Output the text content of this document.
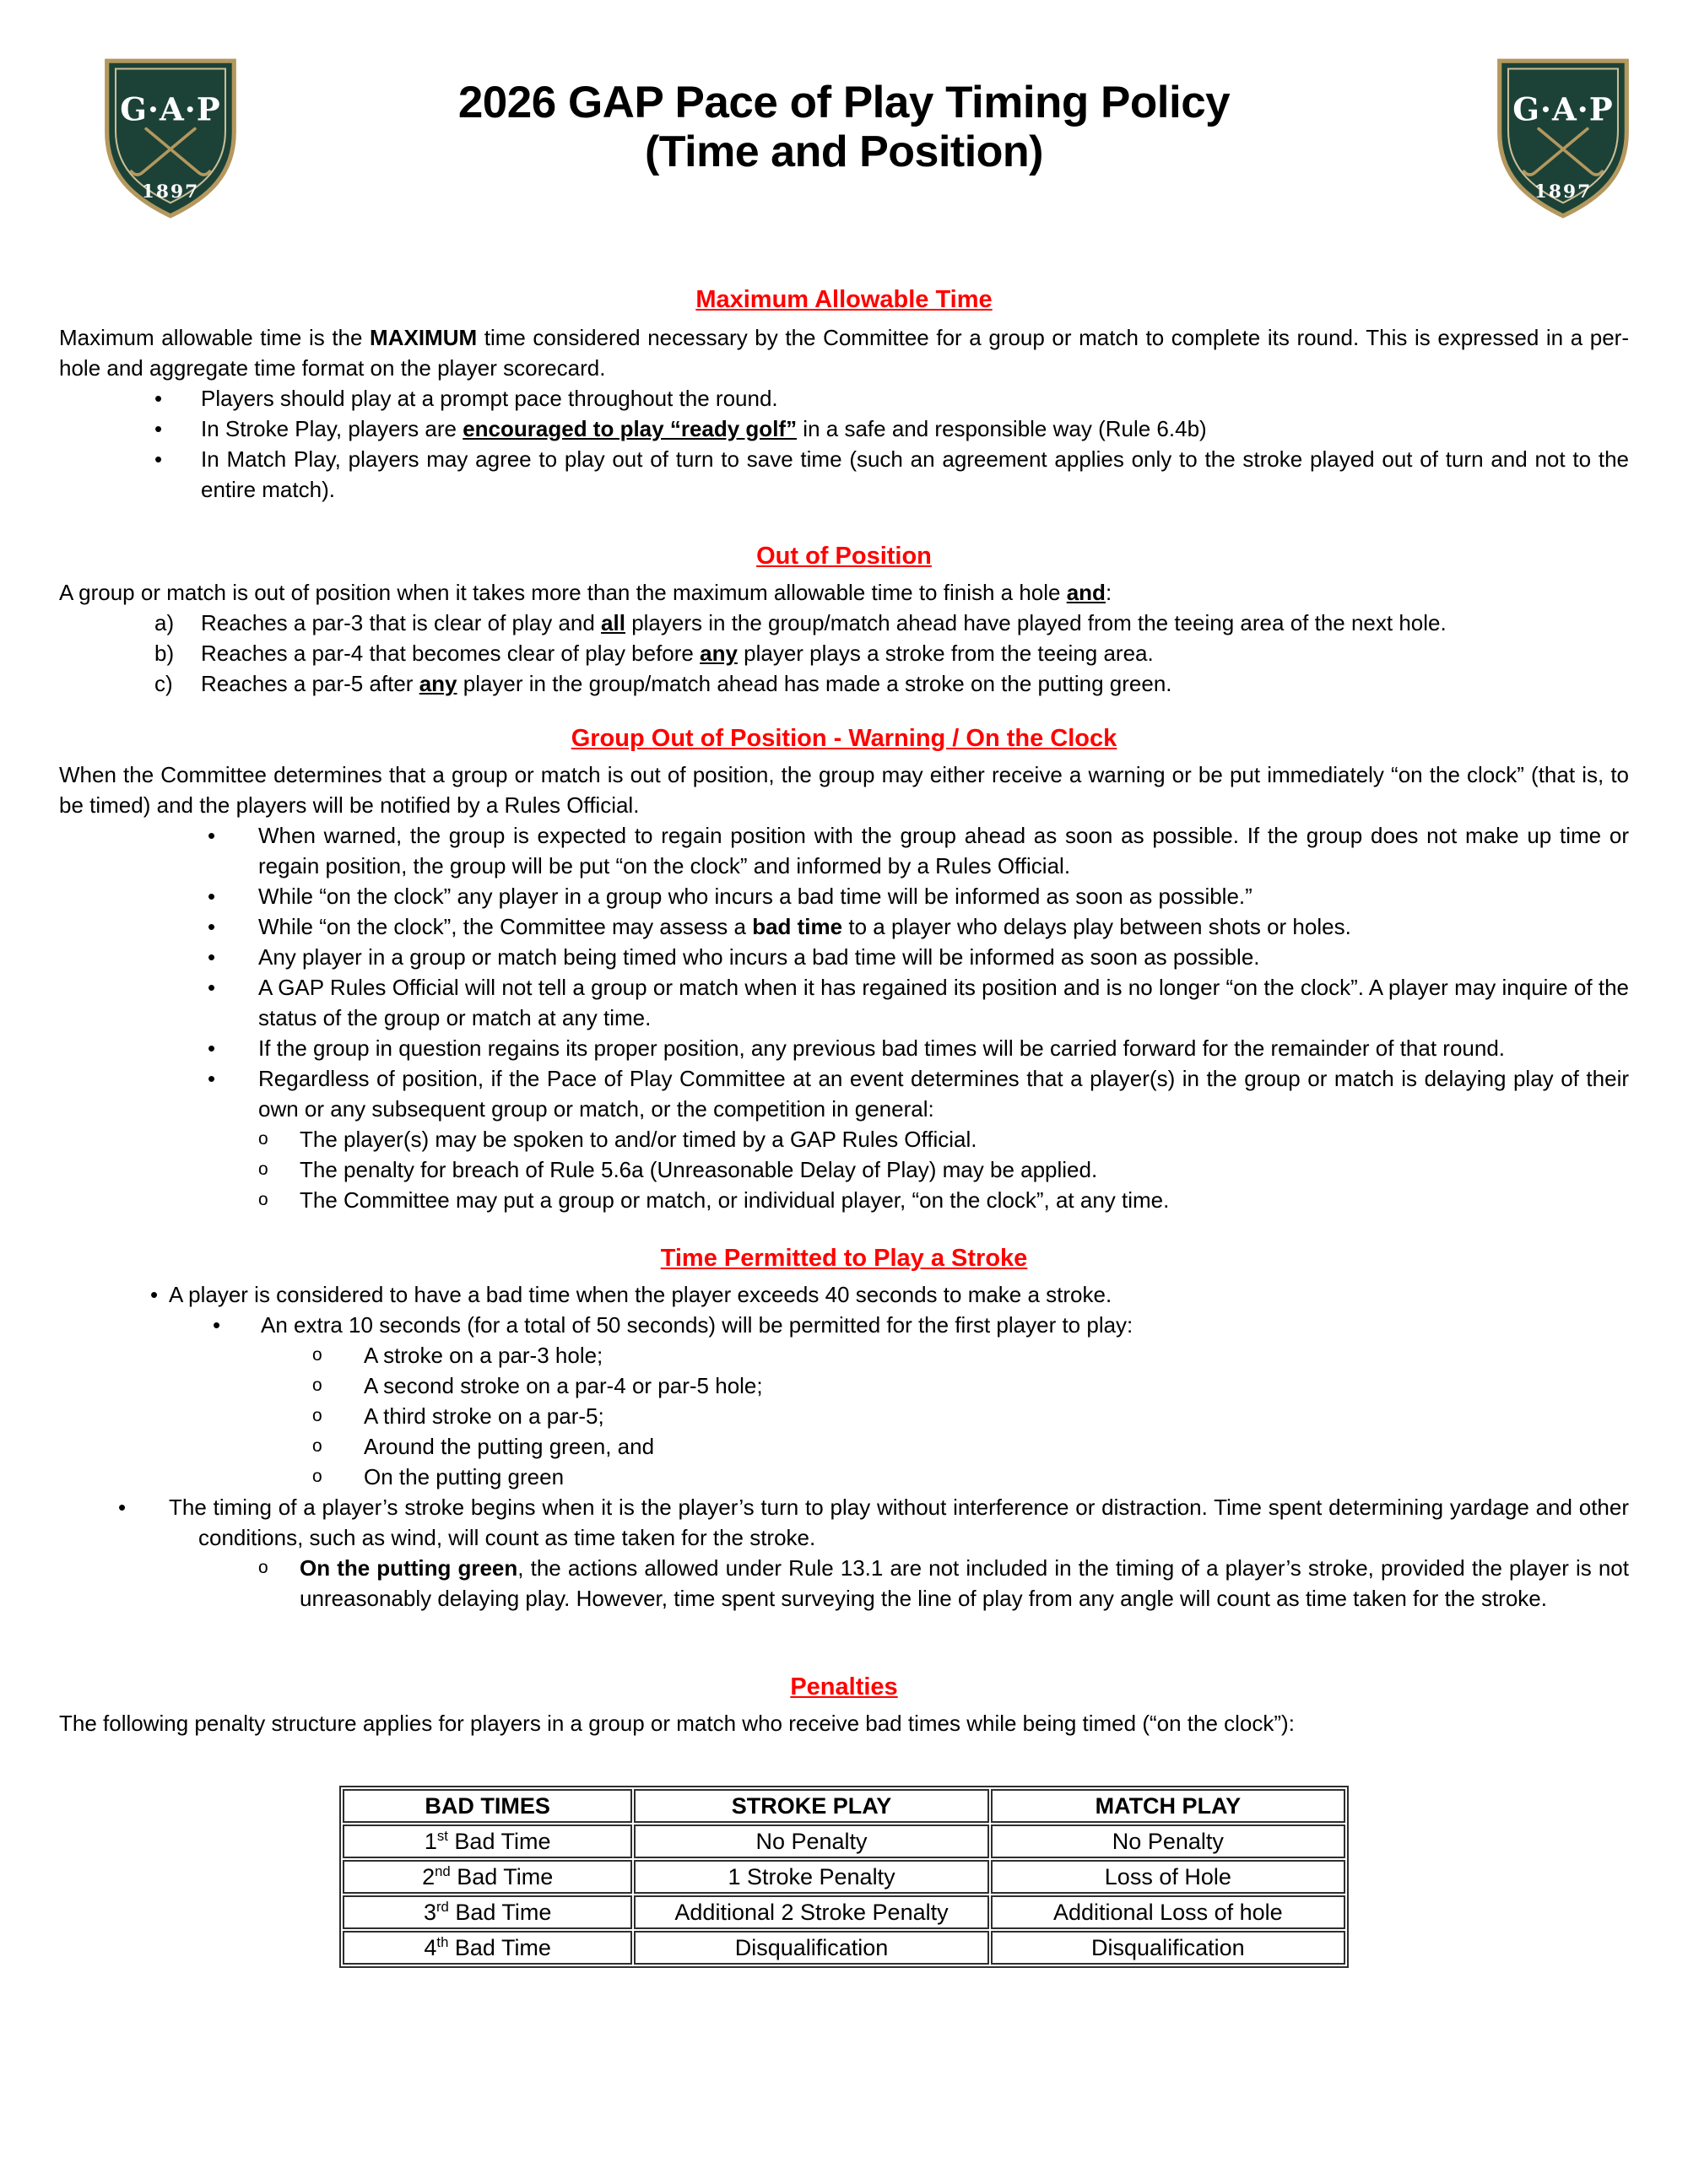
G·A·P
1897
G·A·P
1897
2026 GAP Pace of Play Timing Policy
(Time and Position)
Maximum Allowable Time

Maximum allowable time is the MAXIMUM time considered necessary by the Committee for a group or match to complete its round. This is expressed in a per-hole and aggregate time format on the player scorecard.

• Players should play at a prompt pace throughout the round.
• In Stroke Play, players are encouraged to play “ready golf” in a safe and responsible way (Rule 6.4b)
• In Match Play, players may agree to play out of turn to save time (such an agreement applies only to the stroke played out of turn and not to the entire match).
Out of Position

A group or match is out of position when it takes more than the maximum allowable time to finish a hole and:

a) Reaches a par-3 that is clear of play and all players in the group/match ahead have played from the teeing area of the next hole.
b) Reaches a par-4 that becomes clear of play before any player plays a stroke from the teeing area.
c) Reaches a par-5 after any player in the group/match ahead has made a stroke on the putting green.
Group Out of Position - Warning / On the Clock

When the Committee determines that a group or match is out of position, the group may either receive a warning or be put immediately “on the clock” (that is, to be timed) and the players will be notified by a Rules Official.

• When warned, the group is expected to regain position with the group ahead as soon as possible. If the group does not make up time or regain position, the group will be put “on the clock” and informed by a Rules Official.
• While “on the clock” any player in a group who incurs a bad time will be informed as soon as possible.”
• While “on the clock”, the Committee may assess a bad time to a player who delays play between shots or holes.
• Any player in a group or match being timed who incurs a bad time will be informed as soon as possible.
• A GAP Rules Official will not tell a group or match when it has regained its position and is no longer “on the clock”. A player may inquire of the status of the group or match at any time.
• If the group in question regains its proper position, any previous bad times will be carried forward for the remainder of that round.
• Regardless of position, if the Pace of Play Committee at an event determines that a player(s) in the group or match is delaying play of their own or any subsequent group or match, or the competition in general:
o The player(s) may be spoken to and/or timed by a GAP Rules Official.
o The penalty for breach of Rule 5.6a (Unreasonable Delay of Play) may be applied.
o The Committee may put a group or match, or individual player, “on the clock”, at any time.
Time Permitted to Play a Stroke
• A player is considered to have a bad time when the player exceeds 40 seconds to make a stroke.
• An extra 10 seconds (for a total of 50 seconds) will be permitted for the first player to play:
o A stroke on a par-3 hole;
o A second stroke on a par-4 or par-5 hole;
o A third stroke on a par-5;
o Around the putting green, and
o On the putting green
•	The timing of a player’s stroke begins when it is the player’s turn to play without interference or distraction. Time spent determining yardage and other conditions, such as wind, will count as time taken for the stroke.
o On the putting green, the actions allowed under Rule 13.1 are not included in the timing of a player’s stroke, provided the player is not unreasonably delaying play. However, time spent surveying the line of play from any angle will count as time taken for the stroke.
Penalties

The following penalty structure applies for players in a group or match who receive bad times while being timed (“on the clock”):

BAD TIMES	STROKE PLAY	MATCH PLAY
1st Bad Time	No Penalty	No Penalty
2nd Bad Time	1 Stroke Penalty	Loss of Hole
3rd Bad Time	Additional 2 Stroke Penalty	Additional Loss of hole
4th Bad Time	Disqualification	Disqualification
